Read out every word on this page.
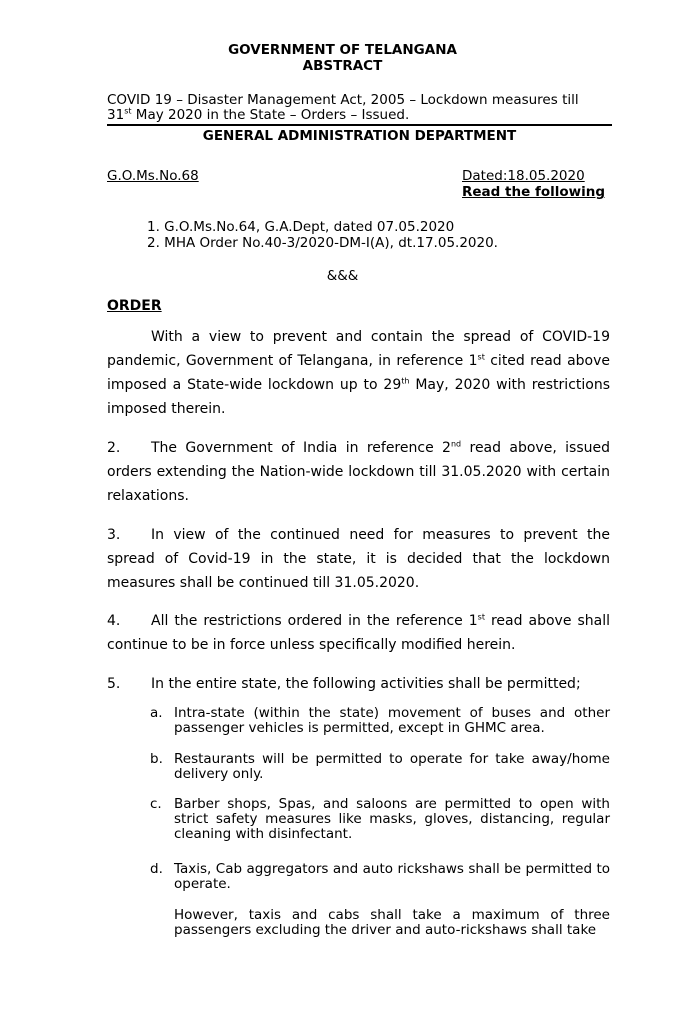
GOVERNMENT OF TELANGANA
ABSTRACT
COVID 19 – Disaster Management Act, 2005 – Lockdown measures till
31st May 2020 in the State – Orders – Issued.
GENERAL ADMINISTRATION DEPARTMENT
G.O.Ms.No.68	Dated:18.05.2020
Read the following
1. G.O.Ms.No.64, G.A.Dept, dated 07.05.2020
2. MHA Order No.40-3/2020-DM-I(A), dt.17.05.2020.
&&&
ORDER
With a view to prevent and contain the spread of COVID-19 pandemic, Government of Telangana, in reference 1st cited read above imposed a State-wide lockdown up to 29th May, 2020 with restrictions imposed therein.
2. The Government of India in reference 2nd read above, issued orders extending the Nation-wide lockdown till 31.05.2020 with certain relaxations.
3. In view of the continued need for measures to prevent the spread of Covid-19 in the state, it is decided that the lockdown measures shall be continued till 31.05.2020.
4. All the restrictions ordered in the reference 1st read above shall continue to be in force unless specifically modified herein.
5. In the entire state, the following activities shall be permitted;
a. Intra-state (within the state) movement of buses and other passenger vehicles is permitted, except in GHMC area.
b. Restaurants will be permitted to operate for take away/home delivery only.
c. Barber shops, Spas, and saloons are permitted to open with strict safety measures like masks, gloves, distancing, regular cleaning with disinfectant.
d. Taxis, Cab aggregators and auto rickshaws shall be permitted to operate.
However, taxis and cabs shall take a maximum of three passengers excluding the driver and auto-rickshaws shall take
